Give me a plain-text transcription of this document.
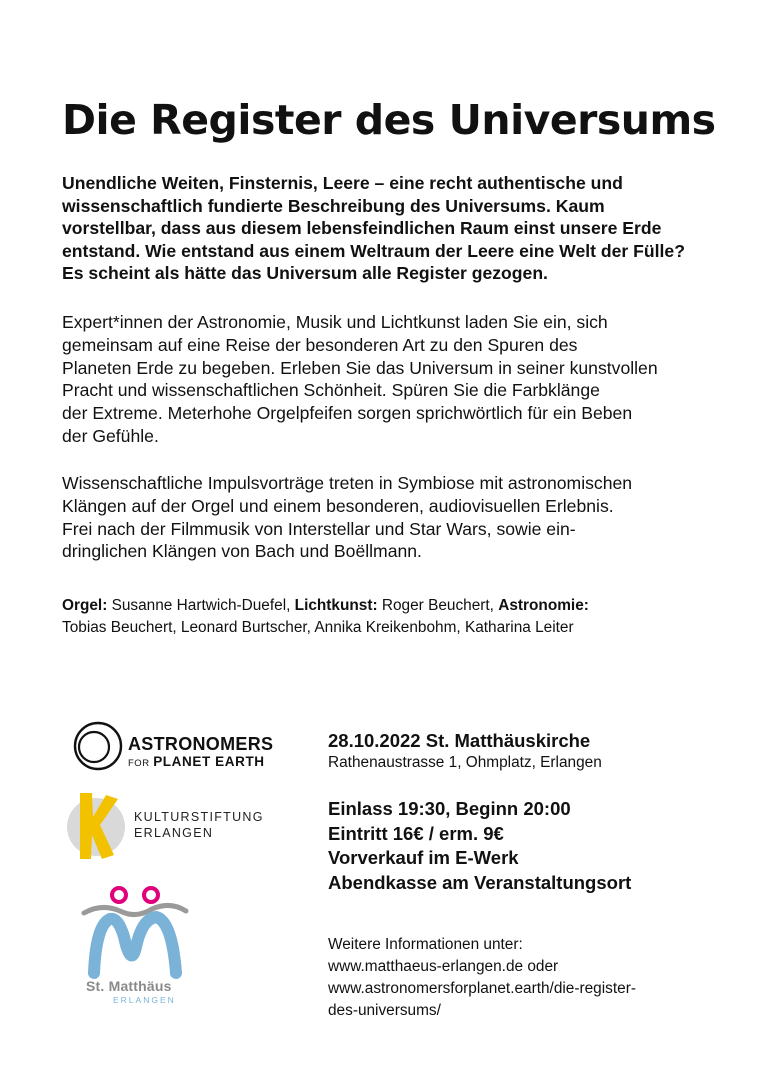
Die Register des Universums

Unendliche Weiten, Finsternis, Leere – eine recht authentische und
wissenschaftlich fundierte Beschreibung des Universums. Kaum
vorstellbar, dass aus diesem lebensfeindlichen Raum einst unsere Erde
entstand. Wie entstand aus einem Weltraum der Leere eine Welt der Fülle?
Es scheint als hätte das Universum alle Register gezogen.

Expert*innen der Astronomie, Musik und Lichtkunst laden Sie ein, sich
gemeinsam auf eine Reise der besonderen Art zu den Spuren des
Planeten Erde zu begeben. Erleben Sie das Universum in seiner kunstvollen
Pracht und wissenschaftlichen Schönheit. Spüren Sie die Farbklänge
der Extreme. Meterhohe Orgelpfeifen sorgen sprichwörtlich für ein Beben
der Gefühle.

Wissenschaftliche Impulsvorträge treten in Symbiose mit astronomischen
Klängen auf der Orgel und einem besonderen, audiovisuellen Erlebnis.
Frei nach der Filmmusik von Interstellar und Star Wars, sowie ein-
dringlichen Klängen von Bach und Boëllmann.

Orgel: Susanne Hartwich-Duefel, Lichtkunst: Roger Beuchert, Astronomie:
Tobias Beuchert, Leonard Burtscher, Annika Kreikenbohm, Katharina Leiter

ASTRONOMERS
FOR PLANET EARTH
KULTURSTIFTUNG
ERLANGEN
St. Matthäus
ERLANGEN

28.10.2022 St. Matthäuskirche

Rathenaustrasse 1, Ohmplatz, Erlangen

Einlass 19:30, Beginn 20:00
Eintritt 16€ / erm. 9€
Vorverkauf im E-Werk
Abendkasse am Veranstaltungsort

Weitere Informationen unter:
www.matthaeus-erlangen.de oder
www.astronomersforplanet.earth/die-register-
des-universums/
